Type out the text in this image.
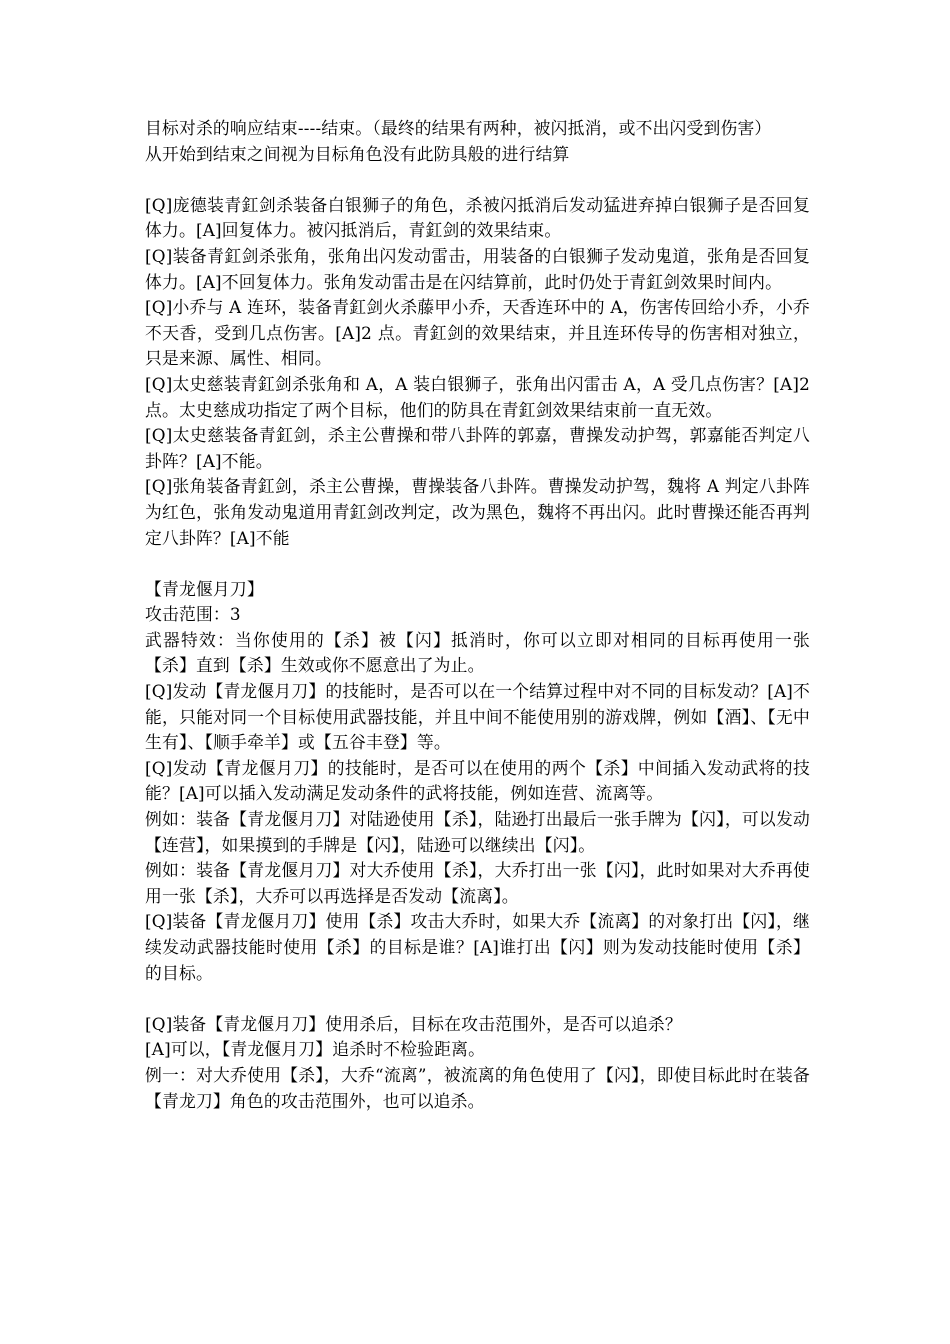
目标对杀的响应结束----结束。（最终的结果有两种，被闪抵消，或不出闪受到伤害）

从开始到结束之间视为目标角色没有此防具般的进行结算

[Q]庞德装青釭剑杀装备白银狮子的角色，杀被闪抵消后发动猛进弃掉白银狮子是否回复体力。[A]回复体力。被闪抵消后，青釭剑的效果结束。

[Q]装备青釭剑杀张角，张角出闪发动雷击，用装备的白银狮子发动鬼道，张角是否回复体力。[A]不回复体力。张角发动雷击是在闪结算前，此时仍处于青釭剑效果时间内。

[Q]小乔与 A 连环，装备青釭剑火杀藤甲小乔，天香连环中的 A，伤害传回给小乔，小乔不天香，受到几点伤害。[A]2 点。青釭剑的效果结束，并且连环传导的伤害相对独立，只是来源、属性、相同。

[Q]太史慈装青釭剑杀张角和 A，A 装白银狮子，张角出闪雷击 A，A 受几点伤害？[A]2 点。太史慈成功指定了两个目标，他们的防具在青釭剑效果结束前一直无效。

[Q]太史慈装备青釭剑，杀主公曹操和带八卦阵的郭嘉，曹操发动护驾，郭嘉能否判定八卦阵？[A]不能。

[Q]张角装备青釭剑，杀主公曹操，曹操装备八卦阵。曹操发动护驾，魏将 A 判定八卦阵为红色，张角发动鬼道用青釭剑改判定，改为黑色，魏将不再出闪。此时曹操还能否再判定八卦阵？[A]不能

【青龙偃月刀】

攻击范围：3

武器特效：当你使用的【杀】被【闪】抵消时，你可以立即对相同的目标再使用一张【杀】直到【杀】生效或你不愿意出了为止。

[Q]发动【青龙偃月刀】的技能时，是否可以在一个结算过程中对不同的目标发动？[A]不能，只能对同一个目标使用武器技能，并且中间不能使用别的游戏牌，例如【酒】、【无中生有】、【顺手牵羊】或【五谷丰登】等。

[Q]发动【青龙偃月刀】的技能时，是否可以在使用的两个【杀】中间插入发动武将的技能？[A]可以插入发动满足发动条件的武将技能，例如连营、流离等。

例如：装备【青龙偃月刀】对陆逊使用【杀】，陆逊打出最后一张手牌为【闪】，可以发动【连营】，如果摸到的手牌是【闪】，陆逊可以继续出【闪】。

例如：装备【青龙偃月刀】对大乔使用【杀】，大乔打出一张【闪】，此时如果对大乔再使用一张【杀】，大乔可以再选择是否发动【流离】。

[Q]装备【青龙偃月刀】使用【杀】攻击大乔时，如果大乔【流离】的对象打出【闪】，继续发动武器技能时使用【杀】的目标是谁？[A]谁打出【闪】则为发动技能时使用【杀】的目标。

[Q]装备【青龙偃月刀】使用杀后，目标在攻击范围外，是否可以追杀？

[A]可以，【青龙偃月刀】追杀时不检验距离。

例一：对大乔使用【杀】，大乔“流离”，被流离的角色使用了【闪】，即使目标此时在装备【青龙刀】角色的攻击范围外，也可以追杀。
